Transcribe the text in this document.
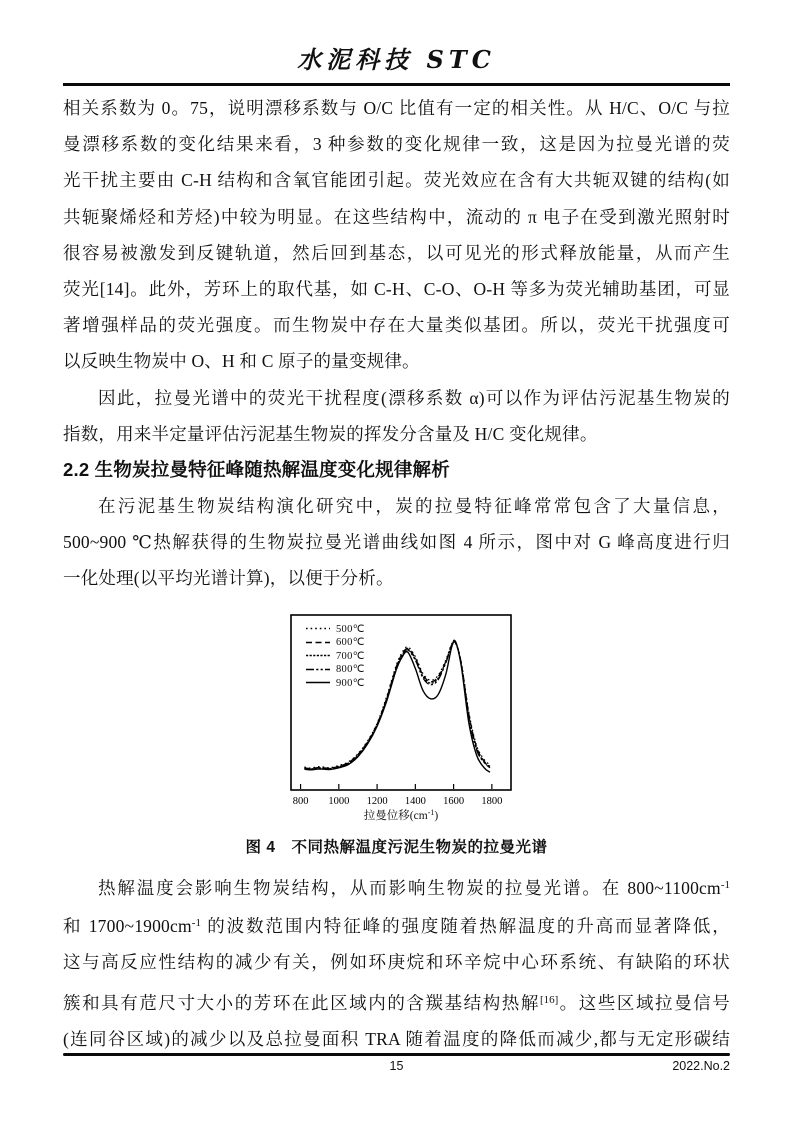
水泥科技 STC
相关系数为 0。75，说明漂移系数与 O/C 比值有一定的相关性。从 H/C、O/C 与拉
曼漂移系数的变化结果来看，3 种参数的变化规律一致，这是因为拉曼光谱的荧
光干扰主要由 C-H 结构和含氧官能团引起。荧光效应在含有大共轭双键的结构(如
共轭聚烯烃和芳烃)中较为明显。在这些结构中，流动的 π 电子在受到激光照射时
很容易被激发到反键轨道，然后回到基态，以可见光的形式释放能量，从而产生
荧光[14]。此外，芳环上的取代基，如 C-H、C-O、O-H 等多为荧光辅助基团，可显
著增强样品的荧光强度。而生物炭中存在大量类似基团。所以，荧光干扰强度可
以反映生物炭中 O、H 和 C 原子的量变规律。
因此，拉曼光谱中的荧光干扰程度(漂移系数 α)可以作为评估污泥基生物炭的
指数，用来半定量评估污泥基生物炭的挥发分含量及 H/C 变化规律。
2.2 生物炭拉曼特征峰随热解温度变化规律解析
在污泥基生物炭结构演化研究中，炭的拉曼特征峰常常包含了大量信息，
500~900 ℃热解获得的生物炭拉曼光谱曲线如图 4 所示，图中对 G 峰高度进行归
一化处理(以平均光谱计算)，以便于分析。
800 1000 1200 1400 1600 1800
500℃
600℃
700℃
800℃
900℃
拉曼位移$(cm^{-1})$
图 4　不同热解温度污泥生物炭的拉曼光谱
热解温度会影响生物炭结构，从而影响生物炭的拉曼光谱。在 $800\sim 1100cm^{-1}$
和 $1700\sim 1900cm^{-1}$ 的波数范围内特征峰的强度随着热解温度的升高而显著降低，
这与高反应性结构的减少有关，例如环庚烷和环辛烷中心环系统、有缺陷的环状
簇和具有苊尺寸大小的芳环在此区域内的含羰基结构热解[16]。这些区域拉曼信号
(连同谷区域)的减少以及总拉曼面积 TRA 随着温度的降低而减少,都与无定形碳结
15	2022.No.2
